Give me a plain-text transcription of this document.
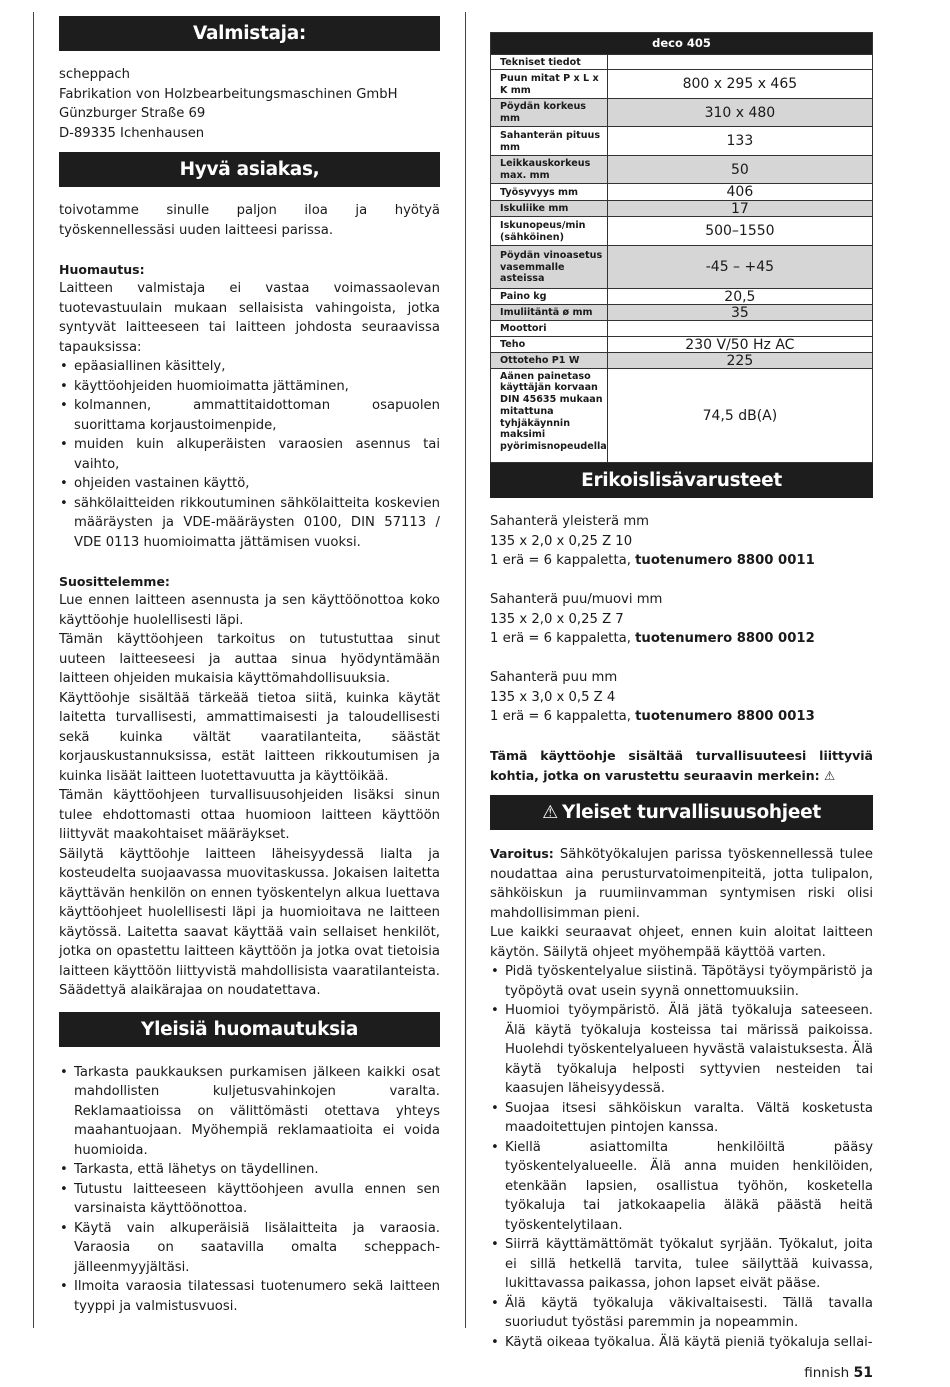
Valmistaja:

scheppach

Fabrikation von Holzbearbeitungsmaschinen GmbH

Günzburger Straße 69

D-89335 Ichenhausen

Hyvä asiakas,

toivotamme sinulle paljon iloa ja hyötyä työskennellessäsi uuden laitteesi parissa.

Huomautus:

Laitteen valmistaja ei vastaa voimassaolevan tuotevastuulain mukaan sellaisista vahingoista, jotka syntyvät laitteeseen tai laitteen johdosta seuraavissa tapauksissa:

• epäasiallinen käsittely,
• käyttöohjeiden huomioimatta jättäminen,
• kolmannen, ammattitaidottoman osapuolen suorittama korjaustoimenpide,
• muiden kuin alkuperäisten varaosien asennus tai vaihto,
• ohjeiden vastainen käyttö,
• sähkölaitteiden rikkoutuminen sähkölaitteita koskevien määräysten ja VDE-määräysten 0100, DIN 57113 / VDE 0113 huomioimatta jättämisen vuoksi.

Suosittelemme:

Lue ennen laitteen asennusta ja sen käyttöönottoa koko käyttöohje huolellisesti läpi.

Tämän käyttöohjeen tarkoitus on tutustuttaa sinut uuteen laitteeseesi ja auttaa sinua hyödyntämään laitteen ohjeiden mukaisia käyttömahdollisuuksia.

Käyttöohje sisältää tärkeää tietoa siitä, kuinka käytät laitetta turvallisesti, ammattimaisesti ja taloudellisesti sekä kuinka vältät vaaratilanteita, säästät korjauskustannuksissa, estät laitteen rikkoutumisen ja kuinka lisäät laitteen luotettavuutta ja käyttöikää.

Tämän käyttöohjeen turvallisuusohjeiden lisäksi sinun tulee ehdottomasti ottaa huomioon laitteen käyttöön liittyvät maakohtaiset määräykset.

Säilytä käyttöohje laitteen läheisyydessä lialta ja kosteudelta suojaavassa muovitaskussa. Jokaisen laitetta käyttävän henkilön on ennen työskentelyn alkua luettava käyttöohjeet huolellisesti läpi ja huomioitava ne laitteen käytössä. Laitetta saavat käyttää vain sellaiset henkilöt, jotka on opastettu laitteen käyttöön ja jotka ovat tietoisia laitteen käyttöön liittyvistä mahdollisista vaaratilanteista. Säädettyä alaikärajaa on noudatettava.

Yleisiä huomautuksia
• Tarkasta paukkauksen purkamisen jälkeen kaikki osat mahdollisten kuljetusvahinkojen varalta. Reklamaatioissa on välittömästi otettava yhteys maahantuojaan. Myöhempiä reklamaatioita ei voida huomioida.
• Tarkasta, että lähetys on täydellinen.
• Tutustu laitteeseen käyttöohjeen avulla ennen sen varsinaista käyttöönottoa.
• Käytä vain alkuperäisiä lisälaitteita ja varaosia. Varaosia on saatavilla omalta scheppach-jälleenmyyjältäsi.
• Ilmoita varaosia tilatessasi tuotenumero sekä laitteen tyyppi ja valmistusvuosi.
deco 405	
Tekniset tiedot	
Puun mitat P x L x K mm	800 x 295 x 465
Pöydän korkeus mm	310 x 480
Sahanterän pituus mm	133
Leikkauskorkeus max. mm	50
Työsyvyys mm	406
Iskuliike mm	17
Iskunopeus/min (sähköinen)	500–1550
Pöydän vinoasetus vasemmalle asteissa	-45 – +45
Paino kg	20,5
Imuliitäntä ø mm	35
Moottori	
Teho	230 V/50 Hz AC
Ottoteho P1 W	225

Äänen painetaso käyttäjän korvaan DIN 45635 mukaan mitattuna tyhjäkäynnin maksimi pyörimisnopeudella	74,5 dB(A)
Erikoislisävarusteet

Sahanterä yleisterä mm

135 x 2,0 x 0,25 Z 10

1 erä = 6 kappaletta, tuotenumero 8800 0011

Sahanterä puu/muovi mm

135 x 2,0 x 0,25 Z 7

1 erä = 6 kappaletta, tuotenumero 8800 0012

Sahanterä puu mm

135 x 3,0 x 0,5 Z 4

1 erä = 6 kappaletta, tuotenumero 8800 0013

Tämä käyttöohje sisältää turvallisuuteesi liittyviä kohtia, jotka on varustettu seuraavin merkein: ⚠

⚠ Yleiset turvallisuusohjeet

Varoitus: Sähkötyökalujen parissa työskennellessä tulee noudattaa aina perusturvatoimenpiteitä, jotta tulipalon, sähköiskun ja ruumiinvamman syntymisen riski olisi mahdollisimman pieni.

Lue kaikki seuraavat ohjeet, ennen kuin aloitat laitteen käytön. Säilytä ohjeet myöhempää käyttöä varten.

• Pidä työskentelyalue siistinä. Täpötäysi työympäristö ja työpöytä ovat usein syynä onnettomuuksiin.
• Huomioi työympäristö. Älä jätä työkaluja sateeseen. Älä käytä työkaluja kosteissa tai märissä paikoissa. Huolehdi työskentelyalueen hyvästä valaistuksesta. Älä käytä työkaluja helposti syttyvien nesteiden tai kaasujen läheisyydessä.
• Suojaa itsesi sähköiskun varalta. Vältä kosketusta maadoitettujen pintojen kanssa.
• Kiellä asiattomilta henkilöiltä pääsy työskentelyalueelle. Älä anna muiden henkilöiden, etenkään lapsien, osallistua työhön, kosketella työkaluja tai jatkokaapelia äläkä päästä heitä työskentelytilaan.
• Siirrä käyttämättömät työkalut syrjään. Työkalut, joita ei sillä hetkellä tarvita, tulee säilyttää kuivassa, lukittavassa paikassa, johon lapset eivät pääse.
• Älä käytä työkaluja väkivaltaisesti. Tällä tavalla suoriudut työstäsi paremmin ja nopeammin.
• Käytä oikeaa työkalua. Älä käytä pieniä työkaluja sellai-
finnish 51
